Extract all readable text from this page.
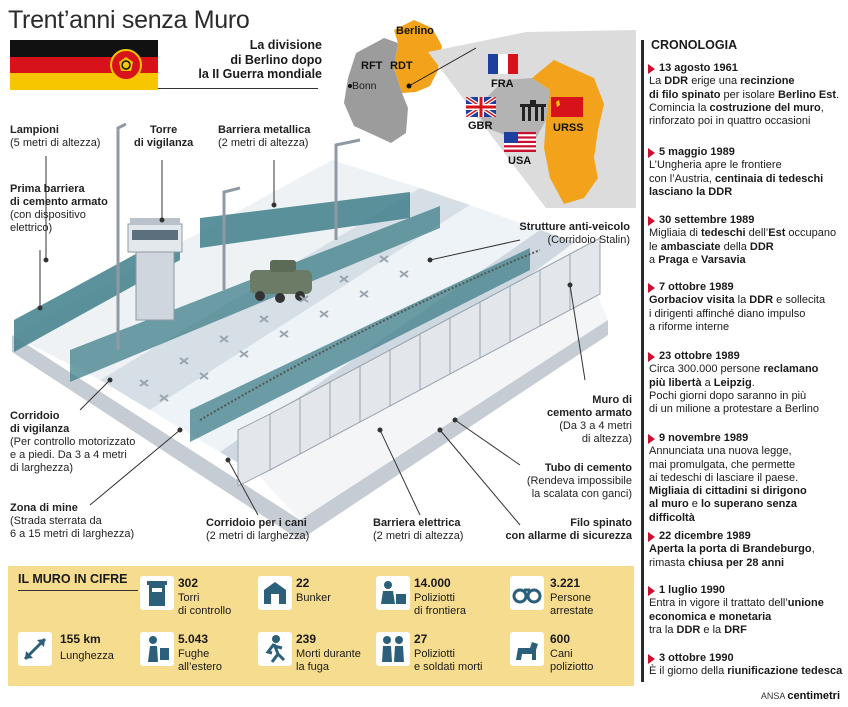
Trent’anni senza Muro
La divisione
di Berlino dopo
la II Guerra mondiale
Berlino
RFT RDT
Bonn	FRA
GBR
USA
URSS
Lampioni
(5 metri di altezza)
Torre
di vigilanza
Barriera metallica
(2 metri di altezza)
Prima barriera
di cemento armato
(con dispositivo
elettrico)	Strutture anti-veicolo
(Corridoio Stalin)
Corridoio
di vigilanza
(Per controllo motorizzato
e a piedi. Da 3 a 4 metri
di larghezza)
Muro di
cemento armato
(Da 3 a 4 metri
di altezza)
Tubo di cemento
(Rendeva impossibile
la scalata con ganci)
Zona di mine
(Strada sterrata da
6 a 15 metri di larghezza)
Corridoio per i cani
(2 metri di larghezza)
Barriera elettrica
(2 metri di altezza)
Filo spinato
con allarme di sicurezza
IL MURO IN CIFRE	302
Torri
di controllo
22
Bunker
14.000
Poliziotti
di frontiera
3.221
Persone
arrestate
155 km
Lunghezza
5.043
Fughe
all’estero
239
Morti durante
la fuga
27
Poliziotti
e soldati morti
600
Cani
poliziotto
CRONOLOGIA
13 agosto 1961
La DDR erige una recinzione
di filo spinato per isolare Berlino Est.
Comincia la costruzione del muro,
rinforzato poi in quattro occasioni
5 maggio 1989
L’Ungheria apre le frontiere
con l’Austria, centinaia di tedeschi
lasciano la DDR
30 settembre 1989
Migliaia di tedeschi dell’Est occupano
le ambasciate della DDR
a Praga e Varsavia
7 ottobre 1989
Gorbaciov visita la DDR e sollecita
i dirigenti affinché diano impulso
a riforme interne
23 ottobre 1989
Circa 300.000 persone reclamano
più libertà a Leipzig.
Pochi giorni dopo saranno in più
di un milione a protestare a Berlino
9 novembre 1989
Annunciata una nuova legge,
mai promulgata, che permette
ai tedeschi di lasciare il paese.
Migliaia di cittadini si dirigono
al muro e lo superano senza difficoltà
22 dicembre 1989
Aperta la porta di Brandeburgo,
rimasta chiusa per 28 anni
1 luglio 1990
Entra in vigore il trattato dell’unione
economica e monetaria
tra la DDR e la DRF
3 ottobre 1990
È il giorno della riunificazione tedesca
ANSA centimetri
